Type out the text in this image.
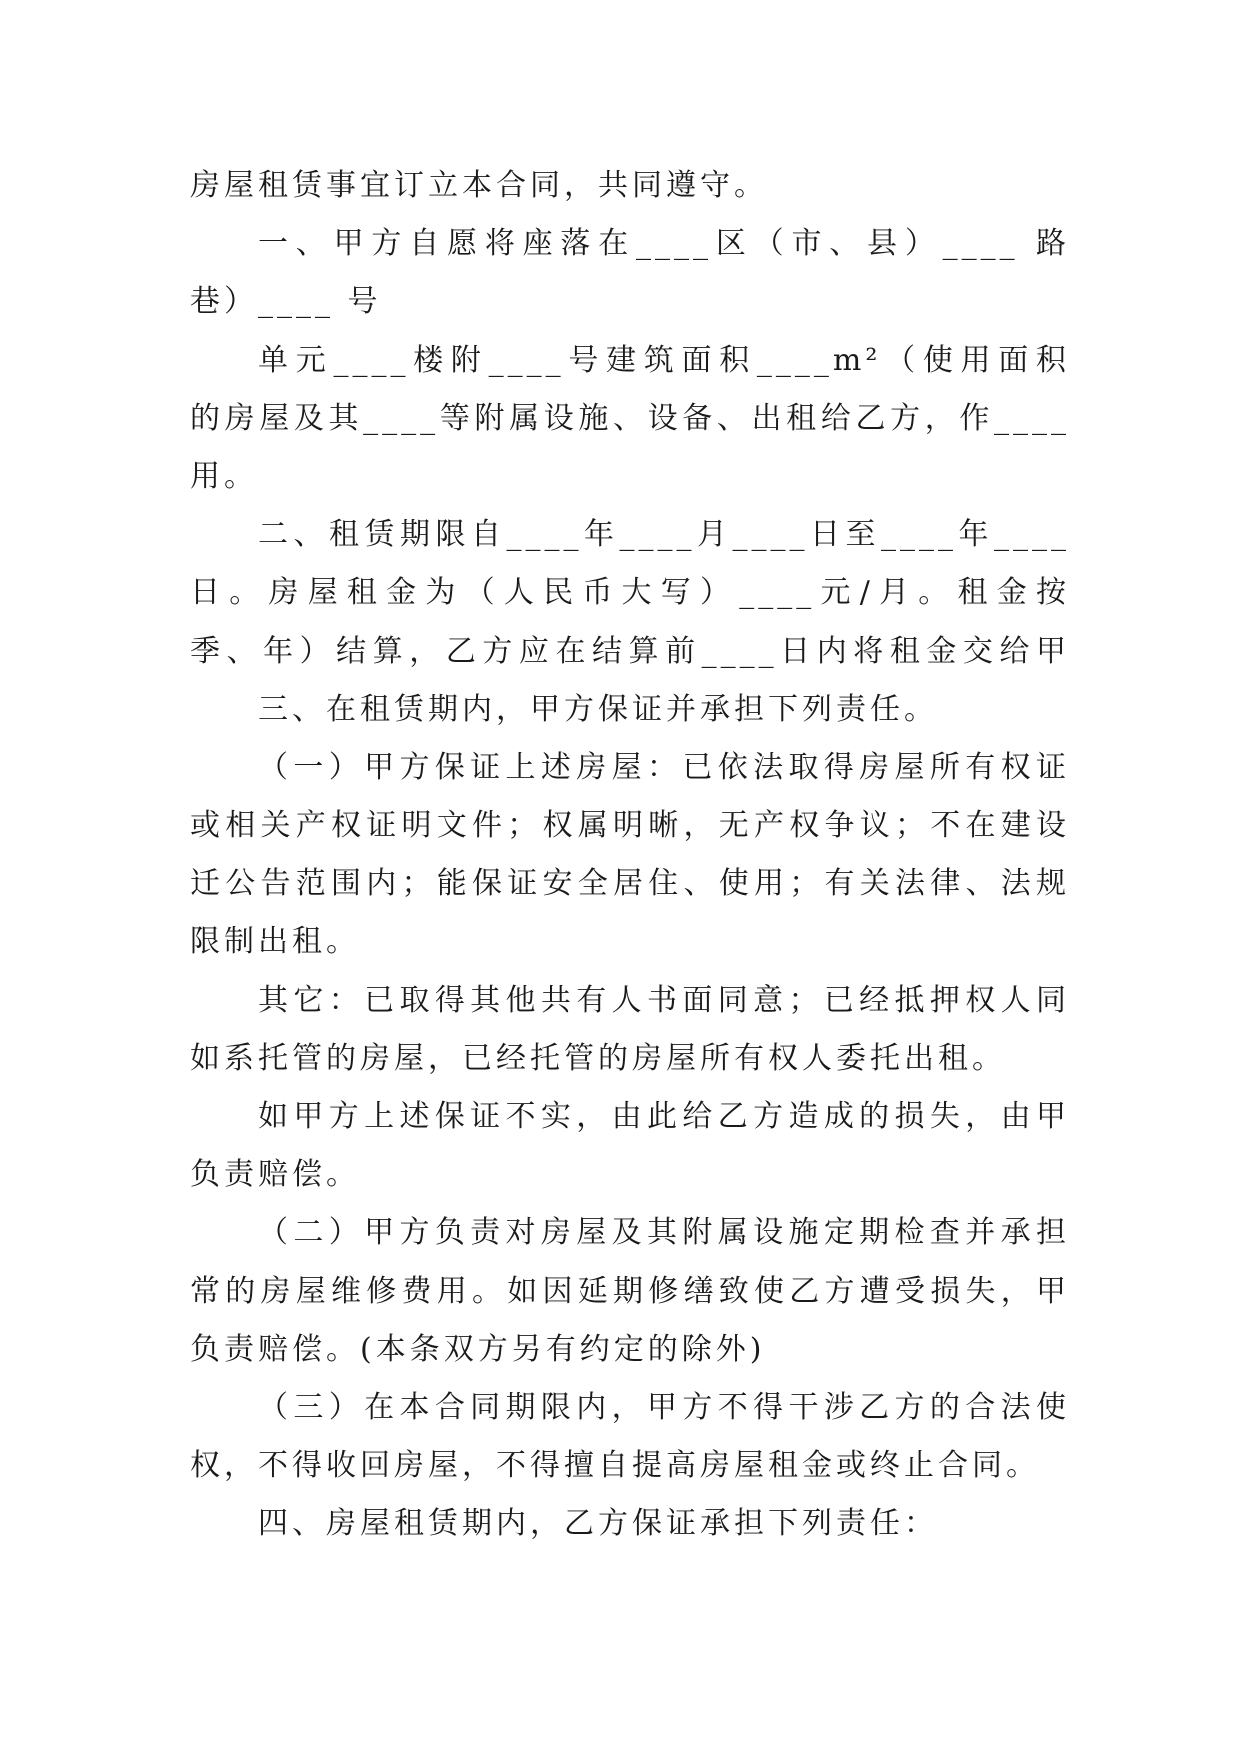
房屋租赁事宜订立本合同，共同遵守。
一、甲方自愿将座落在____区（市、县）____ 路
巷）____ 号
单元____楼附____号建筑面积____m²（使用面积
的房屋及其____等附属设施、设备、出租给乙方，作____
用。
二、租赁期限自____年____月____日至____年____
日。房屋租金为（人民币大写）____元/月。租金按
季、年）结算，乙方应在结算前____日内将租金交给甲
三、在租赁期内，甲方保证并承担下列责任。
（一）甲方保证上述房屋：已依法取得房屋所有权证
或相关产权证明文件；权属明晰，无产权争议；不在建设
迁公告范围内；能保证安全居住、使用；有关法律、法规
限制出租。
其它：已取得其他共有人书面同意；已经抵押权人同
如系托管的房屋，已经托管的房屋所有权人委托出租。
如甲方上述保证不实，由此给乙方造成的损失，由甲
负责赔偿。
（二）甲方负责对房屋及其附属设施定期检查并承担
常的房屋维修费用。如因延期修缮致使乙方遭受损失，甲
负责赔偿。(本条双方另有约定的除外)
（三）在本合同期限内，甲方不得干涉乙方的合法使
权，不得收回房屋，不得擅自提高房屋租金或终止合同。
四、房屋租赁期内，乙方保证承担下列责任：
